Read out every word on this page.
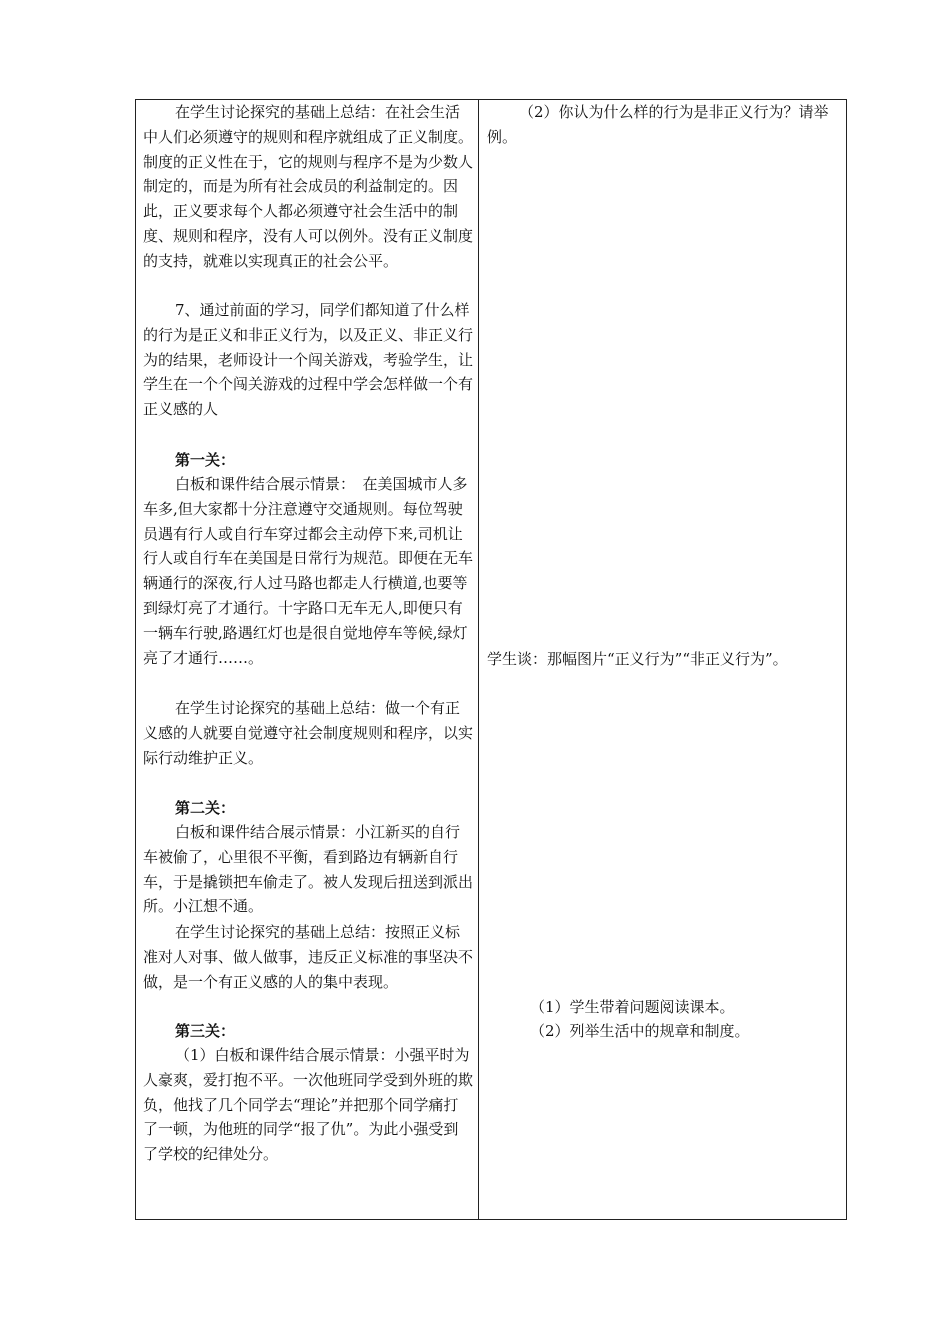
在学生讨论探究的基础上总结：在社会生活中人们必须遵守的规则和程序就组成了正义制度。制度的正义性在于，它的规则与程序不是为少数人制定的，而是为所有社会成员的利益制定的。因此，正义要求每个人都必须遵守社会生活中的制度、规则和程序，没有人可以例外。没有正义制度的支持，就难以实现真正的社会公平。

7、通过前面的学习，同学们都知道了什么样的行为是正义和非正义行为，以及正义、非正义行为的结果，老师设计一个闯关游戏，考验学生，让学生在一个个闯关游戏的过程中学会怎样做一个有正义感的人

第一关：

白板和课件结合展示情景：　在美国城市人多车多,但大家都十分注意遵守交通规则。每位驾驶员遇有行人或自行车穿过都会主动停下来,司机让行人或自行车在美国是日常行为规范。即便在无车辆通行的深夜,行人过马路也都走人行横道,也要等到绿灯亮了才通行。十字路口无车无人,即便只有一辆车行驶,路遇红灯也是很自觉地停车等候,绿灯亮了才通行……。

在学生讨论探究的基础上总结：做一个有正义感的人就要自觉遵守社会制度规则和程序，以实际行动维护正义。

第二关：

白板和课件结合展示情景：小江新买的自行车被偷了，心里很不平衡，看到路边有辆新自行车，于是撬锁把车偷走了。被人发现后扭送到派出所。小江想不通。

在学生讨论探究的基础上总结：按照正义标准对人对事、做人做事，违反正义标准的事坚决不做，是一个有正义感的人的集中表现。

第三关：

（1）白板和课件结合展示情景：小强平时为人豪爽，爱打抱不平。一次他班同学受到外班的欺负，他找了几个同学去“理论”并把那个同学痛打了一顿，为他班的同学“报了仇”。为此小强受到了学校的纪律处分。

（2）你认为什么样的行为是非正义行为？请举例。

学生谈：那幅图片“正义行为”“非正义行为”。

（1）学生带着问题阅读课本。

（2）列举生活中的规章和制度。
